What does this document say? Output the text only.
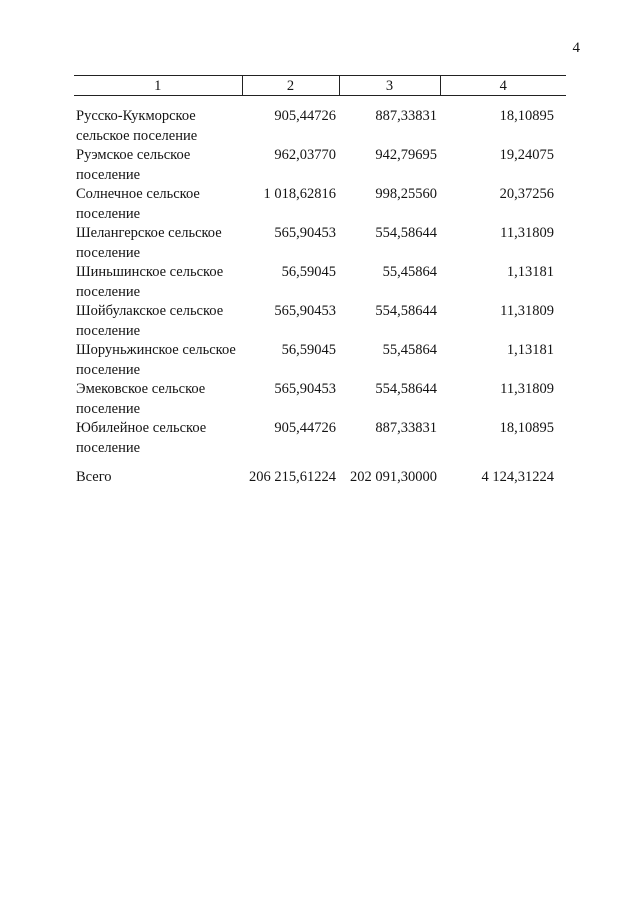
4
1	2	3	4
Русско-Кукморское сельское поселение	905,44726	887,33831	18,10895
Руэмское сельское поселение	962,03770	942,79695	19,24075
Солнечное сельское поселение	1 018,62816	998,25560	20,37256
Шелангерское сельское поселение	565,90453	554,58644	11,31809
Шиньшинское сельское поселение	56,59045	55,45864	1,13181
Шойбулакское сельское поселение	565,90453	554,58644	11,31809
Шоруньжинское сельское поселение	56,59045	55,45864	1,13181
Эмековское сельское поселение	565,90453	554,58644	11,31809
Юбилейное сельское поселение	905,44726	887,33831	18,10895
Всего	206 215,61224	202 091,30000	4 124,31224
